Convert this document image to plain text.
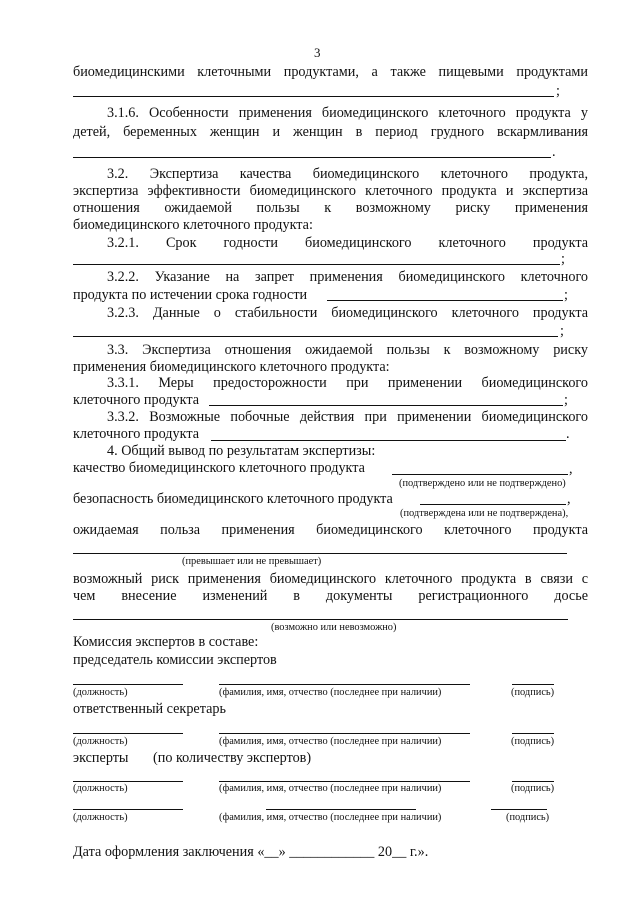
3
биомедицинскими клеточными продуктами, а также пищевыми продуктами
;
3.1.6. Особенности применения биомедицинского клеточного продукта у
детей, беременных женщин и женщин в период грудного вскармливания
.
3.2. Экспертиза качества биомедицинского клеточного продукта,
экспертиза эффективности биомедицинского клеточного продукта и экспертиза
отношения ожидаемой пользы к возможному риску применения
биомедицинского клеточного продукта:
3.2.1. Срок годности биомедицинского клеточного продукта
;
3.2.2. Указание на запрет применения биомедицинского клеточного
продукта по истечении срока годности	;
3.2.3. Данные о стабильности биомедицинского клеточного продукта
;
3.3. Экспертиза отношения ожидаемой пользы к возможному риску
применения биомедицинского клеточного продукта:
3.3.1. Меры предосторожности при применении биомедицинского
клеточного продукта	;
3.3.2. Возможные побочные действия при применении биомедицинского
клеточного продукта	.
4. Общий вывод по результатам экспертизы:
качество биомедицинского клеточного продукта	,
(подтверждено или не подтверждено)
безопасность биомедицинского клеточного продукта	,
(подтверждена или не подтверждена),
ожидаемая польза применения биомедицинского клеточного продукта
(превышает или не превышает)
возможный риск применения биомедицинского клеточного продукта в связи с
чем внесение изменений в документы регистрационного досье
(возможно или невозможно)
Комиссия экспертов в составе:
председатель комиссии экспертов
(должность)	(фамилия, имя, отчество (последнее при наличии)	(подпись)
ответственный секретарь
(должность)	(фамилия, имя, отчество (последнее при наличии)	(подпись)
эксперты (по количеству экспертов)
(должность)	(фамилия, имя, отчество (последнее при наличии)	(подпись)
(должность)	(фамилия, имя, отчество (последнее при наличии)	(подпись)
Дата оформления заключения «__» ____________ 20__ г.».
